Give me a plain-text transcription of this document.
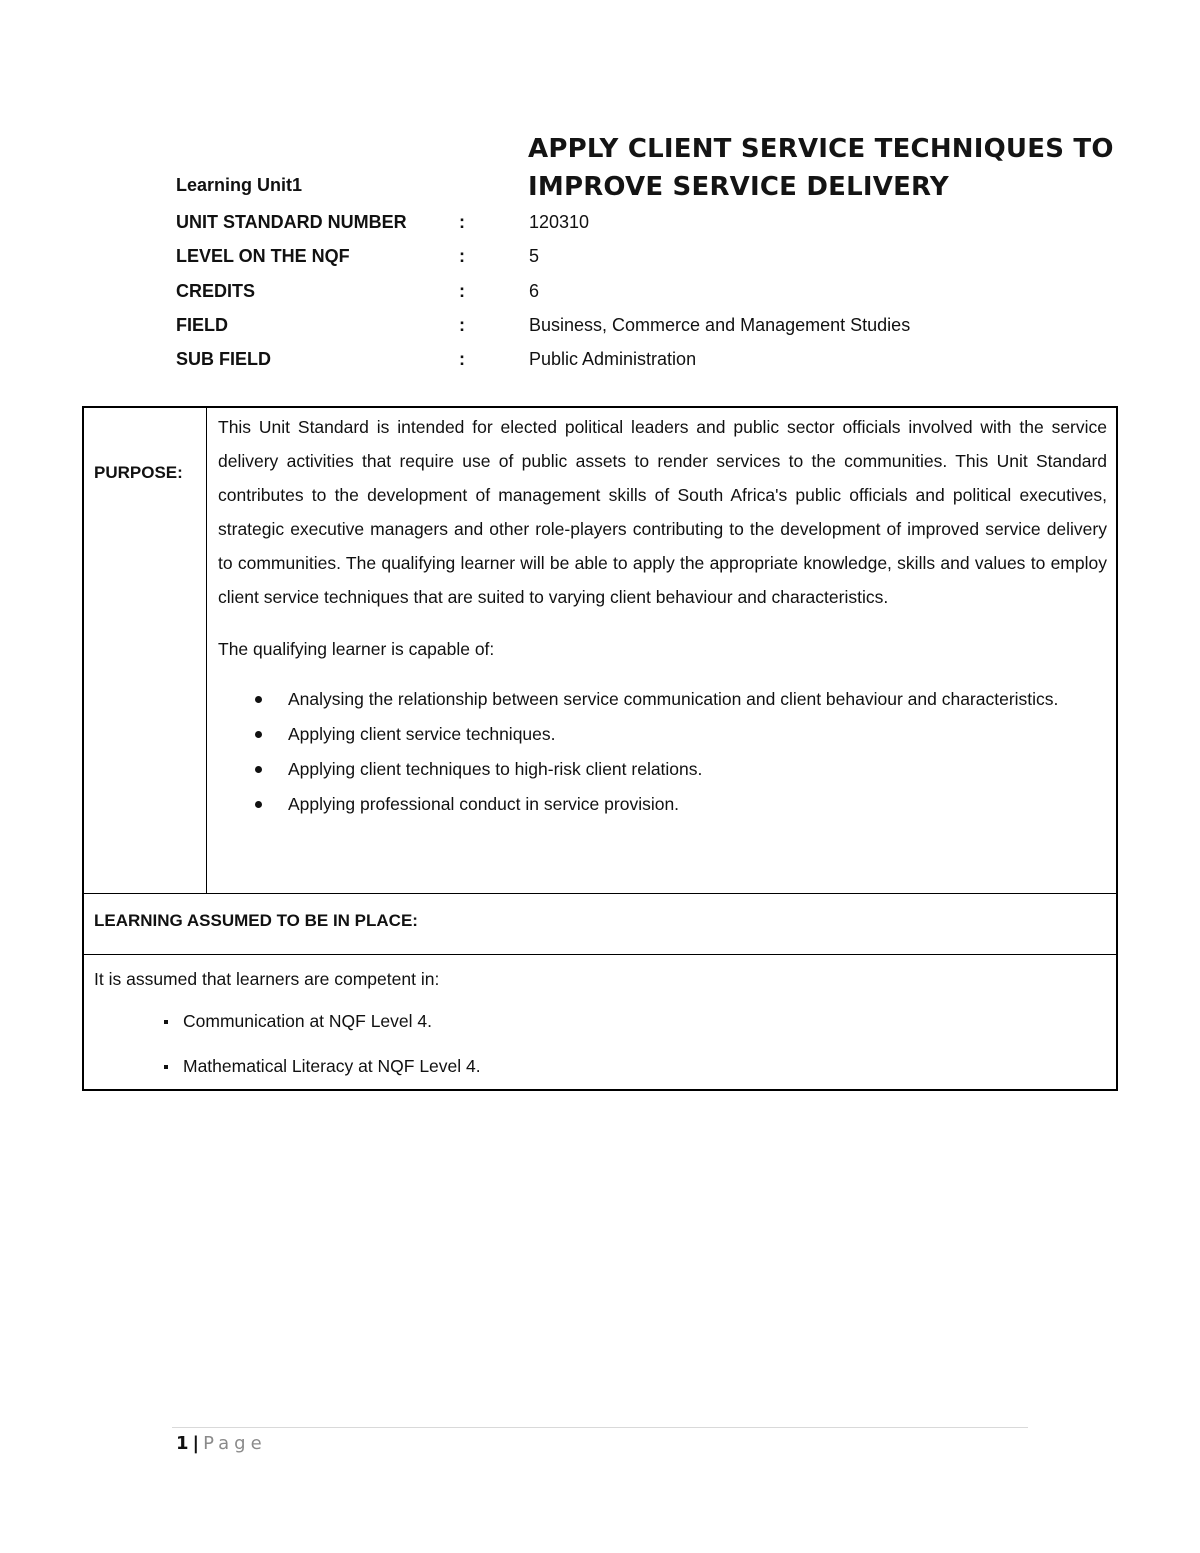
APPLY CLIENT SERVICE TECHNIQUES TO
IMPROVE SERVICE DELIVERY
Learning Unit1
UNIT STANDARD NUMBER	:	120310
LEVEL ON THE NQF	:	5
CREDITS	:	6
FIELD	:	Business, Commerce and Management Studies
SUB FIELD	:	Public Administration
PURPOSE:

This Unit Standard is intended for elected political leaders and public sector officials involved with the service delivery activities that require use of public assets to render services to the communities. This Unit Standard contributes to the development of management skills of South Africa's public officials and political executives, strategic executive managers and other role-players contributing to the development of improved service delivery to communities. The qualifying learner will be able to apply the appropriate knowledge, skills and values to employ client service techniques that are suited to varying client behaviour and characteristics.

The qualifying learner is capable of:

Analysing the relationship between service communication and client behaviour and characteristics.
Applying client service techniques.
Applying client techniques to high-risk client relations.
Applying professional conduct in service provision.
LEARNING ASSUMED TO BE IN PLACE:

It is assumed that learners are competent in:

Communication at NQF Level 4.
Mathematical Literacy at NQF Level 4.
1 | Page
